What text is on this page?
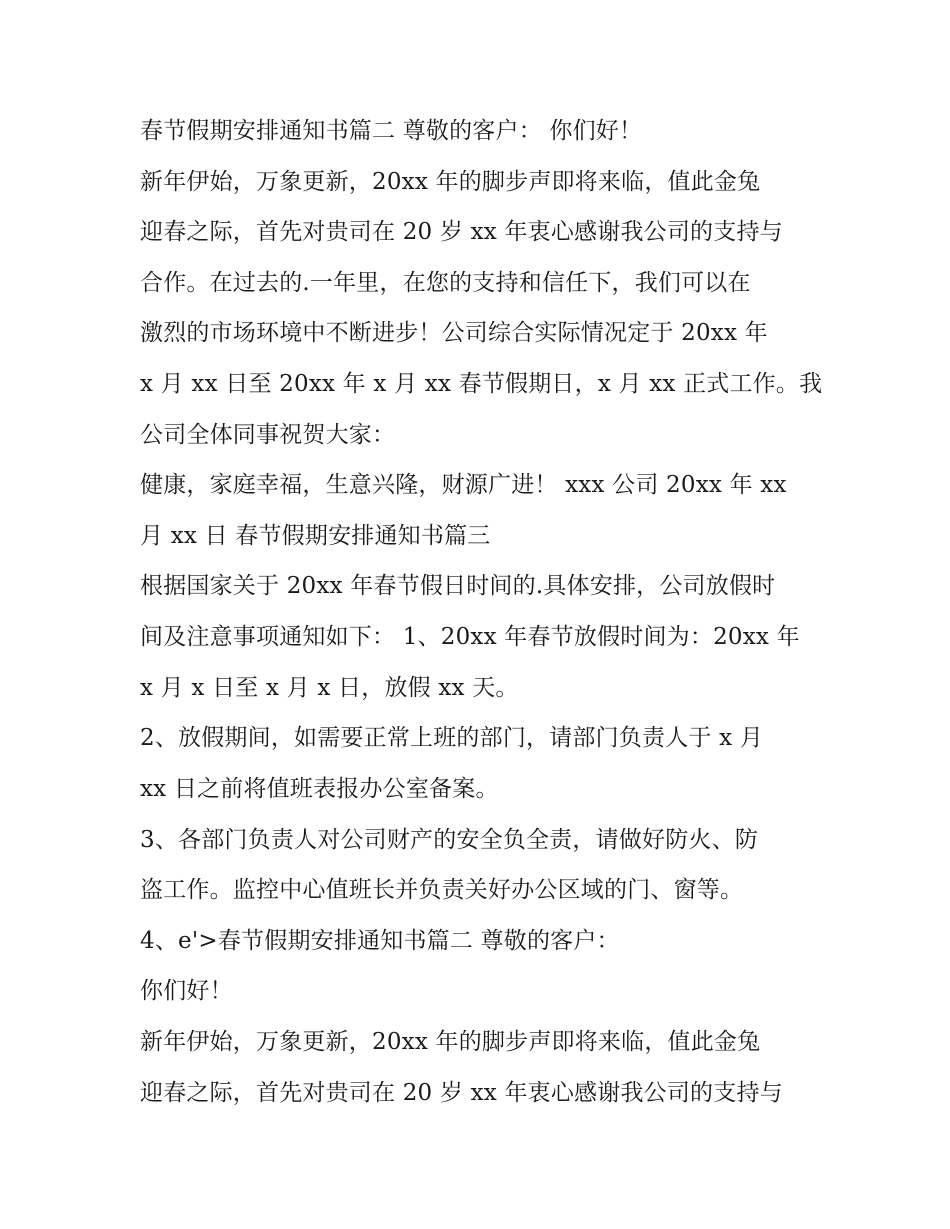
春节假期安排通知书篇二 尊敬的客户： 你们好！

新年伊始，万象更新，20xx 年的脚步声即将来临，值此金兔

迎春之际，首先对贵司在 20 岁 xx 年衷心感谢我公司的支持与

合作。在过去的.一年里，在您的支持和信任下，我们可以在

激烈的市场环境中不断进步！公司综合实际情况定于 20xx 年

x 月 xx 日至 20xx 年 x 月 xx 春节假期日，x 月 xx 正式工作。我

公司全体同事祝贺大家：

健康，家庭幸福，生意兴隆，财源广进！ xxx 公司 20xx 年 xx

月 xx 日 春节假期安排通知书篇三

根据国家关于 20xx 年春节假日时间的.具体安排，公司放假时

间及注意事项通知如下： 1、20xx 年春节放假时间为：20xx 年

x 月 x 日至 x 月 x 日，放假 xx 天。

2、放假期间，如需要正常上班的部门，请部门负责人于 x 月

xx 日之前将值班表报办公室备案。

3、各部门负责人对公司财产的安全负全责，请做好防火、防

盗工作。监控中心值班长并负责关好办公区域的门、窗等。

4、e'>春节假期安排通知书篇二 尊敬的客户：

你们好！

新年伊始，万象更新，20xx 年的脚步声即将来临，值此金兔

迎春之际，首先对贵司在 20 岁 xx 年衷心感谢我公司的支持与
